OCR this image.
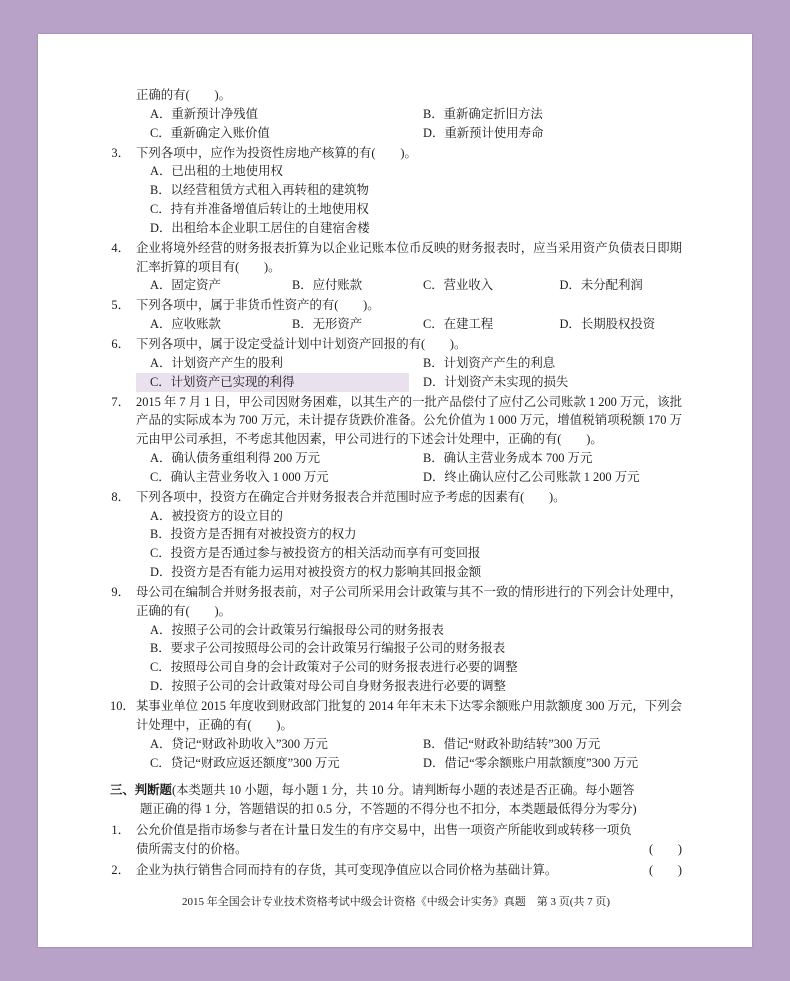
正确的有(　　)。
A．重新预计净残值	B．重新确定折旧方法
C．重新确定入账价值	D．重新预计使用寿命
3． 下列各项中，应作为投资性房地产核算的有(　　)。
A．已出租的土地使用权
B．以经营租赁方式租入再转租的建筑物
C．持有并准备增值后转让的土地使用权
D．出租给本企业职工居住的自建宿舍楼
4． 企业将境外经营的财务报表折算为以企业记账本位币反映的财务报表时，应当采用资产负债表日即期汇率折算的项目有(　　)。
A．固定资产	B．应付账款	C．营业收入	D．未分配利润
5． 下列各项中，属于非货币性资产的有(　　)。
A．应收账款	B．无形资产	C．在建工程	D．长期股权投资
6． 下列各项中，属于设定受益计划中计划资产回报的有(　　)。
A．计划资产产生的股利	B．计划资产产生的利息
C．计划资产已实现的利得	D．计划资产未实现的损失
7． 2015 年 7 月 1 日，甲公司因财务困难，以其生产的一批产品偿付了应付乙公司账款 1 200 万元，该批产品的实际成本为 700 万元，未计提存货跌价准备。公允价值为 1 000 万元，增值税销项税额 170 万元由甲公司承担，不考虑其他因素，甲公司进行的下述会计处理中，正确的有(　　)。
A．确认债务重组利得 200 万元	B．确认主营业务成本 700 万元
C．确认主营业务收入 1 000 万元	D．终止确认应付乙公司账款 1 200 万元
8． 下列各项中，投资方在确定合并财务报表合并范围时应予考虑的因素有(　　)。
A．被投资方的设立目的
B．投资方是否拥有对被投资方的权力
C．投资方是否通过参与被投资方的相关活动而享有可变回报
D．投资方是否有能力运用对被投资方的权力影响其回报金额
9． 母公司在编制合并财务报表前，对子公司所采用会计政策与其不一致的情形进行的下列会计处理中，正确的有(　　)。
A．按照子公司的会计政策另行编报母公司的财务报表
B．要求子公司按照母公司的会计政策另行编报子公司的财务报表
C．按照母公司自身的会计政策对子公司的财务报表进行必要的调整
D．按照子公司的会计政策对母公司自身财务报表进行必要的调整
10． 某事业单位 2015 年度收到财政部门批复的 2014 年年末未下达零余额账户用款额度 300 万元，下列会计处理中，正确的有(　　)。
A．贷记“财政补助收入”300 万元	B．借记“财政补助结转”300 万元
C．贷记“财政应返还额度”300 万元	D．借记“零余额账户用款额度”300 万元
三、判断题 (本类题共 10 小题，每小题 1 分，共 10 分。请判断每小题的表述是否正确。每小题答
题正确的得 1 分，答题错误的扣 0.5 分，不答题的不得分也不扣分，本类题最低得分为零分)
1． 公允价值是指市场参与者在计量日发生的有序交易中，出售一项资产所能收到或转移一项负
债所需支付的价格。	(　　)
2． 企业为执行销售合同而持有的存货，其可变现净值应以合同价格为基础计算。	(　　)
2015 年全国会计专业技术资格考试中级会计资格《中级会计实务》真题　第 3 页(共 7 页)
